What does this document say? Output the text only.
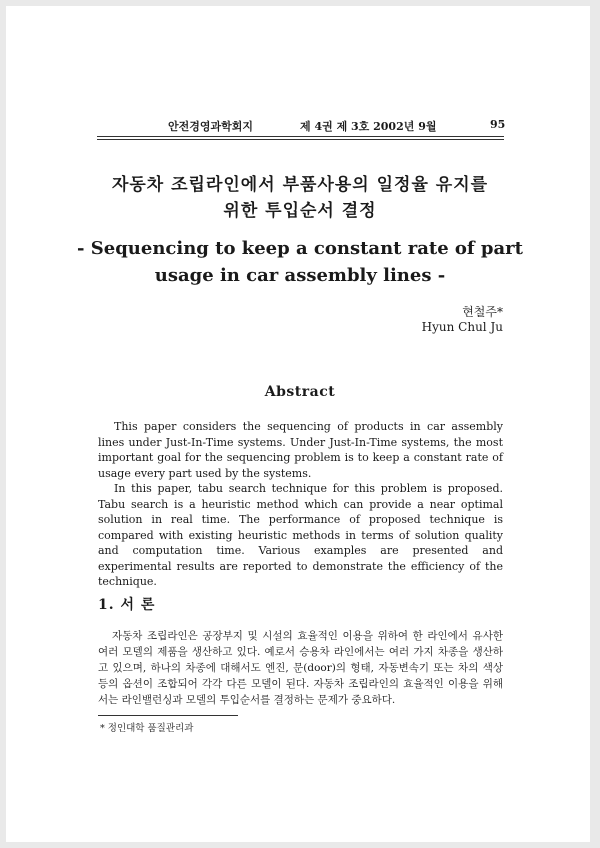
안전경영과학회지	제 4권 제 3호 2002년 9월	95
자동차 조립라인에서 부품사용의 일정율 유지를
위한 투입순서 결정
- Sequencing to keep a constant rate of part
usage in car assembly lines -
현철주*
Hyun Chul Ju
Abstract

This paper considers the sequencing of products in car assembly lines under Just-In-Time systems. Under Just-In-Time systems, the most important goal for the sequencing problem is to keep a constant rate of usage every part used by the systems.

In this paper, tabu search technique for this problem is proposed. Tabu search is a heuristic method which can provide a near optimal solution in real time. The performance of proposed technique is compared with existing heuristic methods in terms of solution quality and computation time. Various examples are presented and experimental results are reported to demonstrate the efficiency of the technique.

1. 서 론

자동차 조립라인은 공장부지 및 시설의 효율적인 이용을 위하여 한 라인에서 유사한 여러 모델의 제품을 생산하고 있다. 예로서 승용차 라인에서는 여러 가지 차종을 생산하고 있으며, 하나의 차종에 대해서도 엔진, 문(door)의 형태, 자동변속기 또는 차의 색상 등의 옵션이 조합되어 각각 다른 모델이 된다. 자동차 조립라인의 효율적인 이용을 위해서는 라인밸런싱과 모델의 투입순서를 결정하는 문제가 중요하다.

* 정인대학 품질관리과
